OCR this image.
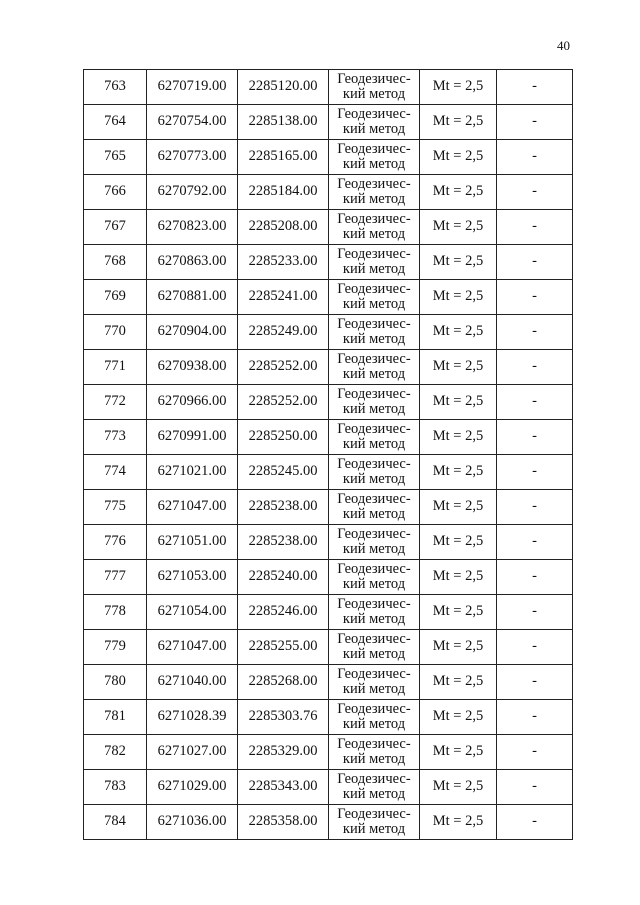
40
763	6270719.00	2285120.00	Геодезичес-
кий метод	Mt = 2,5	-
764	6270754.00	2285138.00	Геодезичес-
кий метод	Mt = 2,5	-
765	6270773.00	2285165.00	Геодезичес-
кий метод	Mt = 2,5	-
766	6270792.00	2285184.00	Геодезичес-
кий метод	Mt = 2,5	-
767	6270823.00	2285208.00	Геодезичес-
кий метод	Mt = 2,5	-
768	6270863.00	2285233.00	Геодезичес-
кий метод	Mt = 2,5	-
769	6270881.00	2285241.00	Геодезичес-
кий метод	Mt = 2,5	-
770	6270904.00	2285249.00	Геодезичес-
кий метод	Mt = 2,5	-
771	6270938.00	2285252.00	Геодезичес-
кий метод	Mt = 2,5	-
772	6270966.00	2285252.00	Геодезичес-
кий метод	Mt = 2,5	-
773	6270991.00	2285250.00	Геодезичес-
кий метод	Mt = 2,5	-
774	6271021.00	2285245.00	Геодезичес-
кий метод	Mt = 2,5	-
775	6271047.00	2285238.00	Геодезичес-
кий метод	Mt = 2,5	-
776	6271051.00	2285238.00	Геодезичес-
кий метод	Mt = 2,5	-
777	6271053.00	2285240.00	Геодезичес-
кий метод	Mt = 2,5	-
778	6271054.00	2285246.00	Геодезичес-
кий метод	Mt = 2,5	-
779	6271047.00	2285255.00	Геодезичес-
кий метод	Mt = 2,5	-
780	6271040.00	2285268.00	Геодезичес-
кий метод	Mt = 2,5	-
781	6271028.39	2285303.76	Геодезичес-
кий метод	Mt = 2,5	-
782	6271027.00	2285329.00	Геодезичес-
кий метод	Mt = 2,5	-
783	6271029.00	2285343.00	Геодезичес-
кий метод	Mt = 2,5	-
784	6271036.00	2285358.00	Геодезичес-
кий метод	Mt = 2,5	-
